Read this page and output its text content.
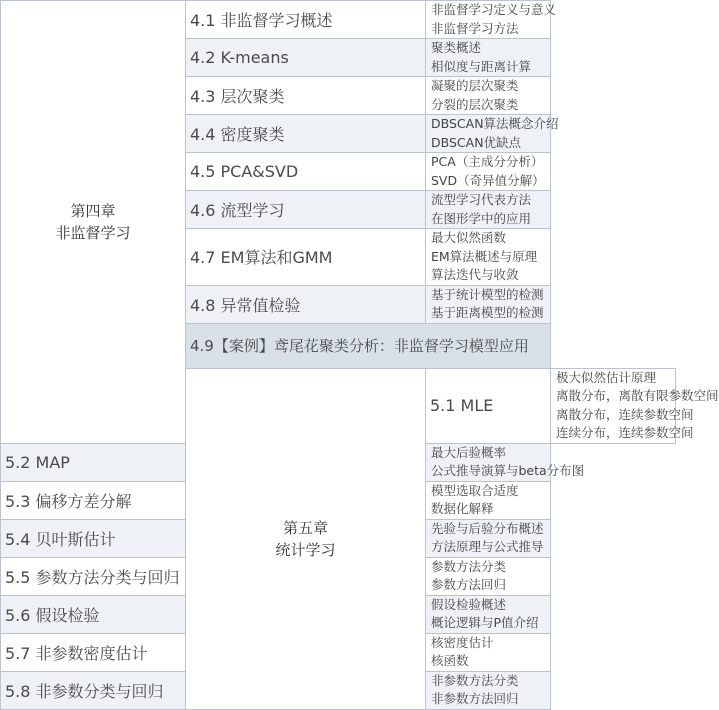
第四章
非监督学习	4.1 非监督学习概述	非监督学习定义与意义
非监督学习方法	

	4.2 K-means	聚类概述
相似度与距离计算	

	4.3 层次聚类	凝聚的层次聚类
分裂的层次聚类	

	4.4 密度聚类	DBSCAN算法概念介绍
DBSCAN优缺点	

	4.5 PCA&SVD	PCA（主成分分析）
SVD（奇异值分解）	

	4.6 流型学习	流型学习代表方法
在图形学中的应用	

	4.7 EM算法和GMM	最大似然函数
EM算法概述与原理
算法迭代与收敛	

	4.8 异常值检验	基于统计模型的检测
基于距离模型的检测	

	4.9【案例】鸢尾花聚类分析：非监督学习模型应用		

	第五章
统计学习	5.1 MLE	极大似然估计原理
离散分布，离散有限参数空间
离散分布，连续参数空间
连续分布，连续参数空间

5.2 MAP		最大后验概率
公式推导演算与beta分布图	

5.3 偏移方差分解		模型选取合适度
数据化解释	

5.4 贝叶斯估计		先验与后验分布概述
方法原理与公式推导	

5.5 参数方法分类与回归		参数方法分类
参数方法回归	

5.6 假设检验		假设检验概述
概论逻辑与P值介绍	

5.7 非参数密度估计		核密度估计
核函数	

5.8 非参数分类与回归		非参数方法分类
非参数方法回归	
